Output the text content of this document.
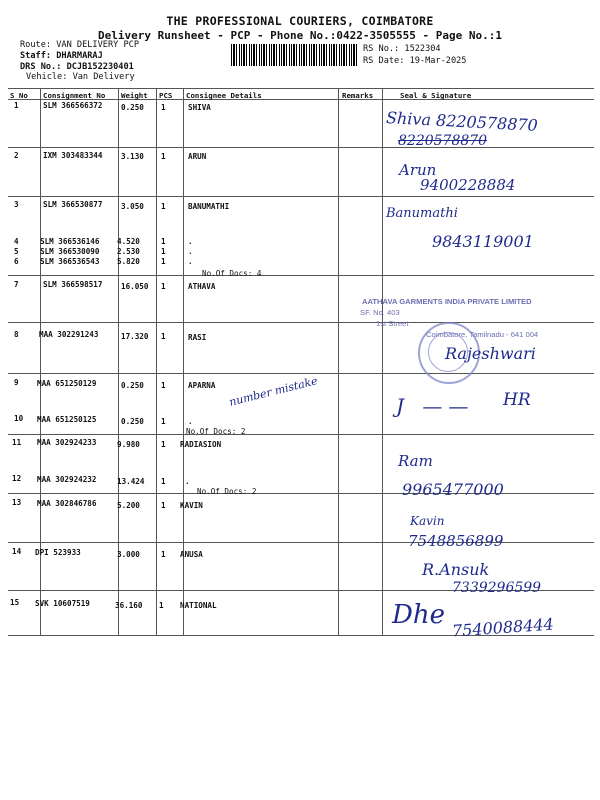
THE PROFESSIONAL COURIERS, COIMBATORE
Delivery Runsheet - PCP - Phone No.:0422-3505555 - Page No.:1
Route: VAN DELIVERY PCP
Staff: DHARMARAJ
DRS No.: DCJB152230401
Vehicle: Van Delivery
RS No.: 1522304
RS Date: 19-Mar-2025
S No Consignment No Weight PCS Consignee Details	Remarks	Seal & Signature
1	SLM 366566372 0.250 1	SHIVA
2	IXM 303483344 3.130 1	ARUN
3	SLM 366530877 3.050 1	BANUMATHI
4	SLM 366536146 4.520	1	.
5	SLM 366530090 2.530	1	.
6	SLM 366536543 5.820	1	.
No.Of Docs: 4
7	SLM 366598517 16.050 1	ATHAVA
8	MAA 302291243	17.320 1	RASI
9 MAA 651250129	0.250 1	APARNA
10 MAA 651250125	0.250 1	.
No.Of Docs: 2
11 MAA 302924233	9.980	1 RADIASION
12 MAA 302924232	13.424 1	.
No.Of Docs: 2
13 MAA 302846786	5.200	1 KAVIN
14 DPI 523933	3.000	1 ANUSA
15 SVK 10607519	36.160 1 NATIONAL
Shiva 8220578870
8220578870
Arun
9400228884
Banumathi
9843119001
AATHAVA GARMENTS INDIA PRIVATE LIMITED
SF. No. 403
1st Street
Coimbatore, Tamilnadu - 641 004
Rajeshwari
number mistake	J —— HR
Ram
9965477000
Kavin
7548856899
R.Ansuk
7339296599
Dhe 7540088444
